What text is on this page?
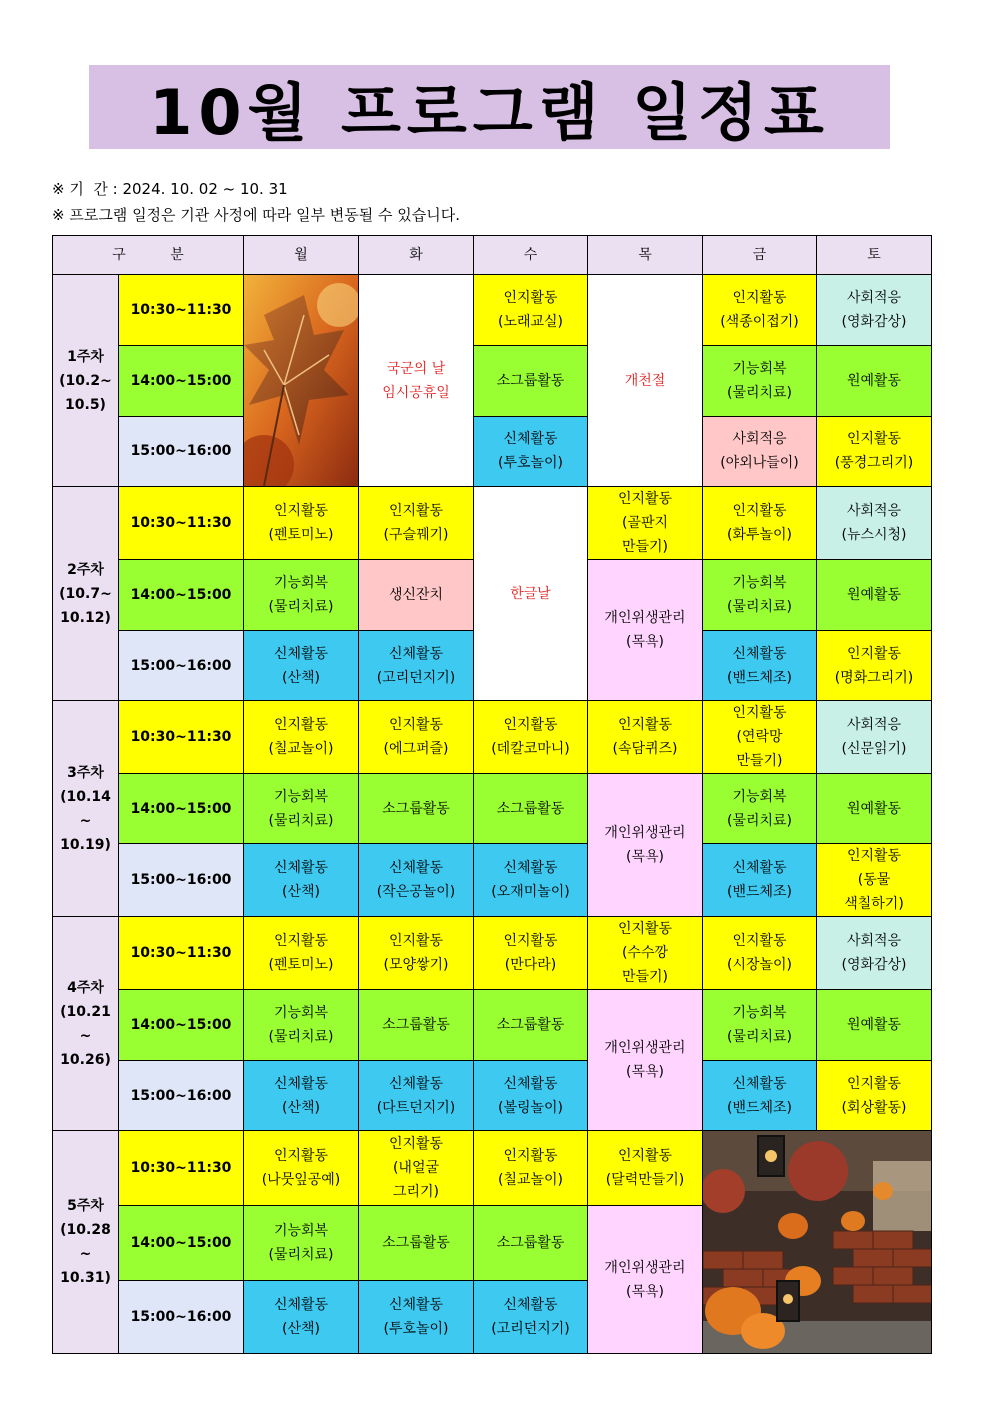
10월 프로그램 일정표
※ 기  간 : 2024. 10. 02 ~ 10. 31
※ 프로그램 일정은 기관 사정에 따라 일부 변동될 수 있습니다.
구          분		월	화	수	목	금	토
1주차
(10.2~
10.5)	10:30~11:30		국군의 날
임시공휴일	인지활동
(노래교실)	개천절	인지활동
(색종이접기)	사회적응
(영화감상)
	14:00~15:00			소그룹활동		기능회복
(물리치료)	원예활동
	15:00~16:00			신체활동
(투호놀이)		사회적응
(야외나들이)	인지활동
(풍경그리기)
2주차
(10.7~
10.12)	10:30~11:30	인지활동
(펜토미노)	인지활동
(구슬꿰기)	한글날	인지활동
(골판지
만들기)	인지활동
(화투놀이)	사회적응
(뉴스시청)
	14:00~15:00	기능회복
(물리치료)	생신잔치		개인위생관리
(목욕)	기능회복
(물리치료)	원예활동
	15:00~16:00	신체활동
(산책)	신체활동
(고리던지기)			신체활동
(밴드체조)	인지활동
(명화그리기)
3주차
(10.14
~
10.19)	10:30~11:30	인지활동
(칠교놀이)	인지활동
(에그퍼즐)	인지활동
(데칼코마니)	인지활동
(속담퀴즈)	인지활동
(연락망
만들기)	사회적응
(신문읽기)
	14:00~15:00	기능회복
(물리치료)	소그룹활동	소그룹활동	개인위생관리
(목욕)	기능회복
(물리치료)	원예활동
	15:00~16:00	신체활동
(산책)	신체활동
(작은공놀이)	신체활동
(오재미놀이)		신체활동
(밴드체조)	인지활동
(동물
색칠하기)
4주차
(10.21
~
10.26)	10:30~11:30	인지활동
(펜토미노)	인지활동
(모양쌓기)	인지활동
(만다라)	인지활동
(수수깡
만들기)	인지활동
(시장놀이)	사회적응
(영화감상)
	14:00~15:00	기능회복
(물리치료)	소그룹활동	소그룹활동	개인위생관리
(목욕)	기능회복
(물리치료)	원예활동
	15:00~16:00	신체활동
(산책)	신체활동
(다트던지기)	신체활동
(볼링놀이)		신체활동
(밴드체조)	인지활동
(회상활동)
5주차
(10.28
~
10.31)	10:30~11:30	인지활동
(나뭇잎공예)	인지활동
(내얼굴
그리기)	인지활동
(칠교놀이)	인지활동
(달력만들기)	

	14:00~15:00	기능회복
(물리치료)	소그룹활동	소그룹활동	개인위생관리
(목욕)		
	15:00~16:00	신체활동
(산책)	신체활동
(투호놀이)	신체활동
(고리던지기)			
